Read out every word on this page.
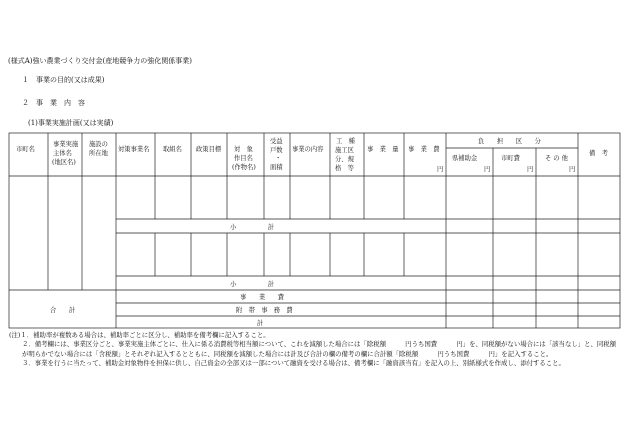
(様式A)強い農業づくり交付金(産地競争力の強化関係事業)
１　事業の目的(又は成果)
２　事　業　内　容
(1)事業実施計画(又は実績)
市町名
事業実施
主体名
(地区名)
施設の
所在地
対策事業名 取組名 政策目標 対　象
作目名
(作物名)
受益
戸数
・
面積
事業の内容
工　種
施工区
分、規
格　等
事　業　量 事　業　費
円
負　　担　　区　　分
県補助金
円
市町費
円
そ の 他
円
備　考
小　　　　　計
小　　　　　計
合　　計
事　　業　　費
附　帯　事　務　費
計
(注)１．補助率が複数ある場合は、補助率ごとに区分し、補助率を備考欄に記入すること。
２．備考欄には、事業区分ごと、事業実施主体ごとに、仕入に係る消費税等相当額について、これを減額した場合には「除税額　　　円うち国費　　　円」を、同税額がない場合には「該当なし」と、同税額が明らかでない場合には「含税額」とそれぞれ記入するとともに、同税額を減額した場合には計及び合計の欄の備考の欄に合計額「除税額　　　円うち国費　　　円」を記入すること。
３．事業を行うに当たって、補助金対象物件を担保に供し、自己資金の全部又は一部について融資を受ける場合は、備考欄に「融資該当有」を記入の上、別紙様式を作成し、添付すること。
